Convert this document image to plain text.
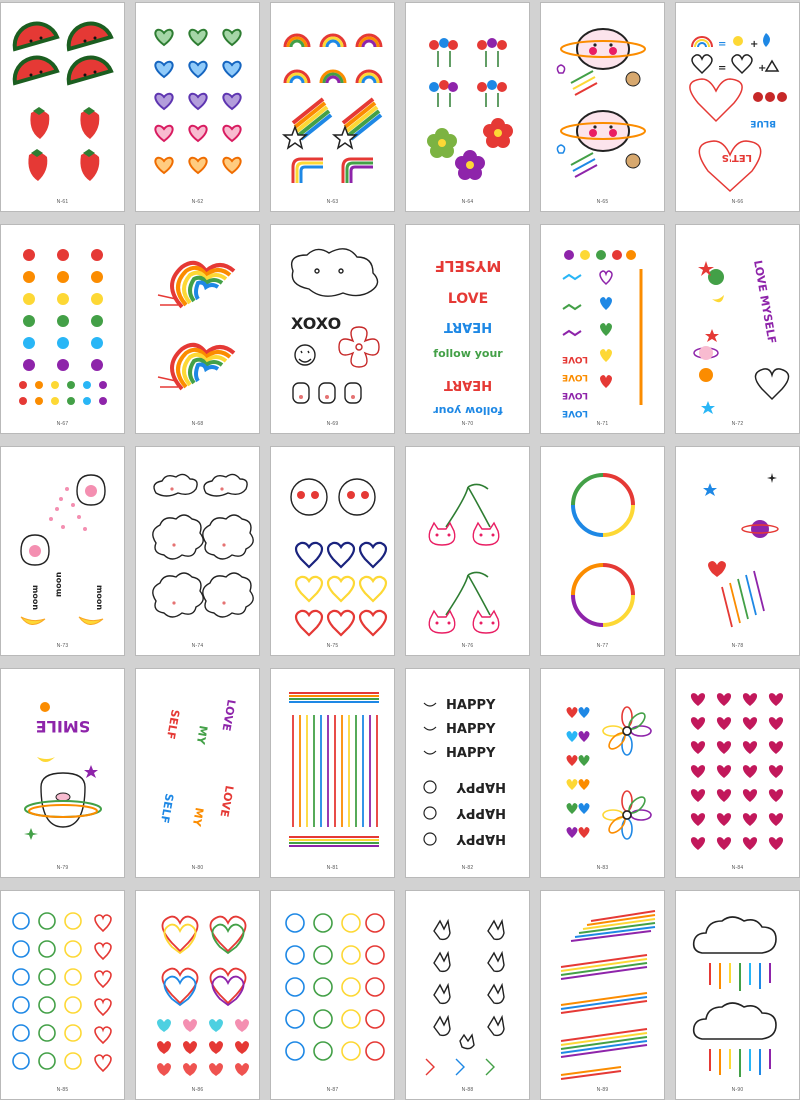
N-61	N-62	N-63	N-64	N-65
= +
=	+
BLUE
LET'S
N-66
N-67	N-68
XOXO
N-69
MYSELF
LOVE
HEART
follow your
HEART
follow your
N-70
LOVE
LOVE
LOVE
LOVE
N-71
LOVE MYSELF
N-72
moon	moon
moon
N-73	N-74	N-75	N-76	N-77	N-78
SMILE
N-79
SELF MY
LOVE
SELF MY LOVE
N-80	N-81
HAPPY
HAPPY
HAPPY
HAPPY
HAPPY
HAPPY
N-82	N-83	N-84
N-85	N-86	N-87	N-88	N-89	N-90
